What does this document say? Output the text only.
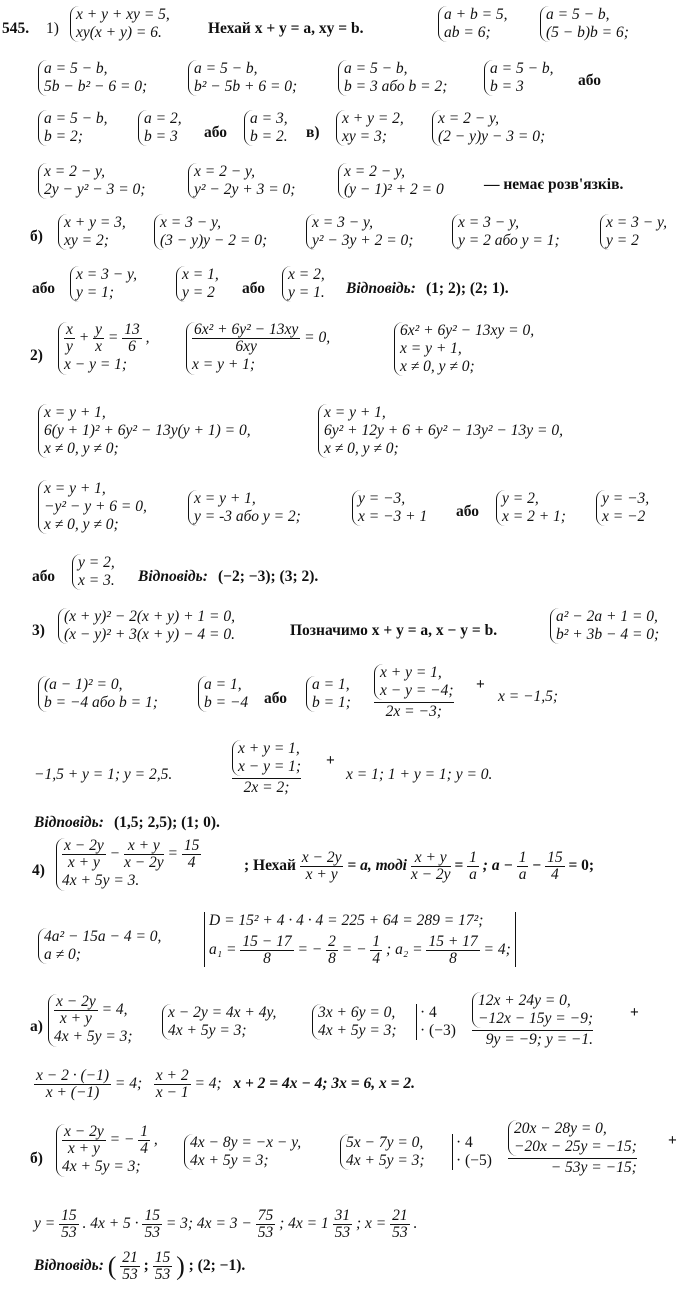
545. 1)
x + y + xy = 5,
xy(x + y) = 6.	Нехай x + y = a, xy = b.
a + b = 5,
ab = 6;
a = 5 − b,
(5 − b)b = 6;
a = 5 − b,
5b − b² − 6 = 0;
a = 5 − b,
b² − 5b + 6 = 0;
a = 5 − b,
b = 3 або b = 2;
a = 5 − b,
b = 3	або
a = 5 − b,
b = 2;
a = 2,
b = 3 або
a = 3,
b = 2. в)
x + y = 2,
xy = 3;
x = 2 − y,
(2 − y)y − 3 = 0;
x = 2 − y,
2y − y² − 3 = 0;
x = 2 − y,
y² − 2y + 3 = 0;
x = 2 − y,
(y − 1)² + 2 = 0	— немає розв'язків.
б)
x + y = 3,
xy = 2;
x = 3 − y,
(3 − y)y − 2 = 0;
x = 3 − y,
y² − 3y + 2 = 0;
x = 3 − y,
y = 2 або y = 1;
x = 3 − y,
y = 2
або
x = 3 − y,
y = 1;
x = 1,
y = 2 або
x = 2,
y = 1. Відповідь: (1; 2); (2; 1).
2)
$\frac{x}{y} + \frac{y}{x} = \frac{13}{6}$ ,
x − y = 1;
$\frac{\text{6x² + 6y² − 13xy}}{6xy} = 0$,
x = y + 1;
6x² + 6y² − 13xy = 0,
x = y + 1,
x ≠ 0, y ≠ 0;
x = y + 1,
6(y + 1)² + 6y² − 13y(y + 1) = 0,
x ≠ 0, y ≠ 0;
x = y + 1,
6y² + 12y + 6 + 6y² − 13y² − 13y = 0,
x ≠ 0, y ≠ 0;
x = y + 1,
−y² − y + 6 = 0,
x ≠ 0, y ≠ 0;
x = y + 1,
y = -3 або y = 2;
y = −3,
x = −3 + 1 або
y = 2,
x = 2 + 1;
y = −3,
x = −2
або
y = 2,
x = 3. Відповідь: (−2; −3); (3; 2).
3)
(x + y)² − 2(x + y) + 1 = 0,
(x − y)² + 3(x + y) − 4 = 0.	Позначимо x + y = a, x − y = b.
a² − 2a + 1 = 0,
b² + 3b − 4 = 0;
(a − 1)² = 0,
b = −4 або b = 1;
a = 1,
b = −4 або
a = 1,
b = 1;
x + y = 1,
x − y = −4;
2x = −3;
+
x = −1,5;
−1,5 + y = 1; y = 2,5.
x + y = 1,
x − y = 1;
2x = 2;
+
x = 1; 1 + y = 1; y = 0.
Відповідь: (1,5; 2,5); (1; 0).
$4) \frac{x - 2y}{x + y} - \frac{x + y}{x - 2y} = \frac{15}{4}$
4x + 5y = 3.
; Нехай $\frac{x - 2y}{x + y} = a$, тоді $\frac{x + y}{x - 2y} = \frac{1}{a}$ ; $a - \frac{1}{a} - \frac{15}{4} = 0$;
4a² − 15a − 4 = 0,
a ≠ 0;
D = 15² + 4 · 4 · 4 = 225 + 64 = 289 = 17²;
$a_1 = \frac{15 - 17}{8}$ = − $\frac{2}{8}$ = − $\frac{1}{4}$ ; $a_2 = \frac{15 + 17}{8} = 4$;
$а) \frac{x - 2y}{x + y} = 4$,
4x + 5y = 3;
x − 2y = 4x + 4y,
4x + 5y = 3;
3x + 6y = 0,
4x + 5y = 3;
· 4
· (−3)
12x + 24y = 0,
−12x − 15y = −9;
9y = −9; y = −1.
+
$\frac{x - 2 \cdot (-1)}{x + (-1)} = 4$; $\frac{x + 2}{x - 1} = 4$; x + 2 = 4x − 4; 3x = 6, x = 2.
б)
$\frac{x - 2y}{x + y}$ = − $\frac{1}{4}$ ,
4x + 5y = 3;
4x − 8y = −x − y,
4x + 5y = 3;
5x − 7y = 0,
4x + 5y = 3;
· 4
· (−5)
20x − 28y = 0,
−20x − 25y = −15;
− 53y = −15;
+
$y = \frac{15}{53}$ . $4x + 5 \cdot \frac{15}{53} = 3$; $4x = 3 - \frac{75}{53}$ ; $4x = 1 \frac{31}{53}$ ; $x = \frac{21}{53}$ .
Відповідь: ( $\frac{21}{53}$ ; $\frac{15}{53}$ ) ; (2; −1).
